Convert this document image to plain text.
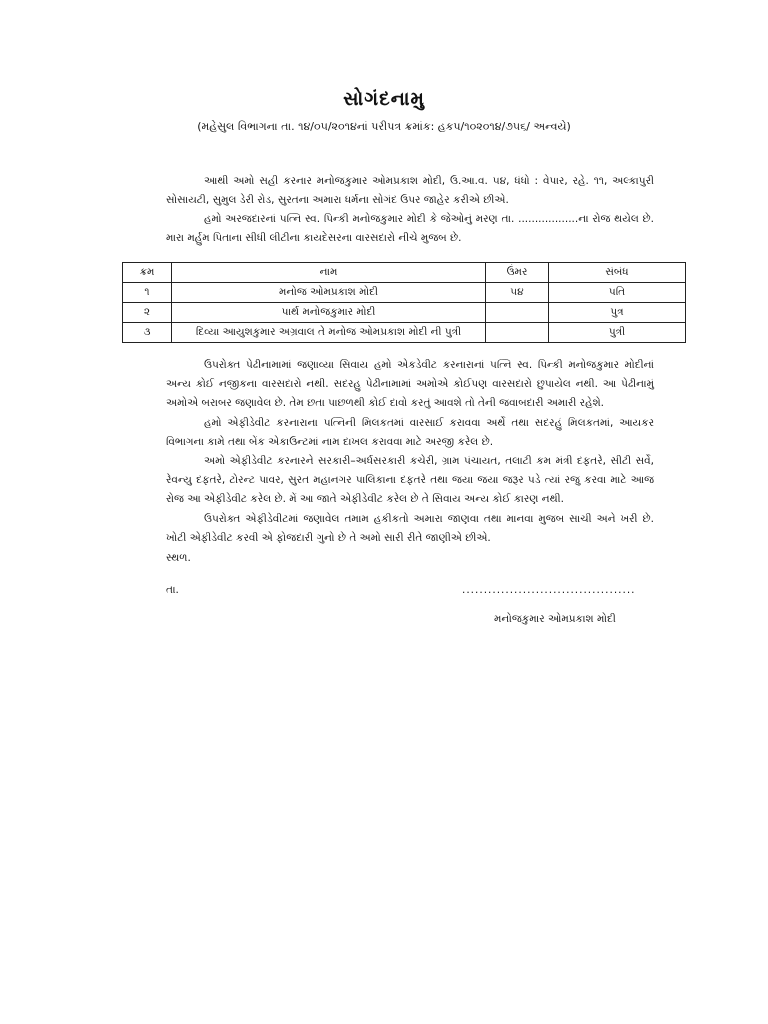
સોગંદનામુ
(મહેસુલ વિભાગના તા. ૧૪/૦૫/૨૦૧૪નાં પરીપત્ર ક્રમાંક: હકપ/૧૦૨૦૧૪/૭૫૬/ અન્વયે)
આથી અમો સહી કરનાર મનોજકુમાર ઓમપ્રકાશ મોદી, ઉ.આ.વ. ૫૪, ધંધો : વેપાર, રહે. ૧૧, અલ્કાપુરી સોસાયટી, સુમુલ ડેરી રોડ, સુરતના અમારા ધર્મના સોગંદ ઉપર જાહેર કરીએ છીએ.
હમો અરજદારનાં પત્નિ સ્વ. પિન્કી મનોજકુમાર મોદી કે જેઓનું મરણ તા. ..................ના રોજ થયેલ છે. મારા મર્હુમ પિતાના સીધી લીટીના કાયદેસરના વારસદારો નીચે મુજબ છે.
ક્રમ	નામ	ઉંમર	સંબંધ
૧	મનોજ ઓમપ્રકાશ મોદી	૫૪	પતિ
૨	પાર્થ મનોજકુમાર મોદી		પુત્ર
૩	દિવ્યા આયુશકુમાર અગ્રવાલ તે મનોજ ઓમપ્રકાશ મોદી ની પુત્રી		પુત્રી
ઉપરોક્ત પેઢીનામામાં જણાવ્યા સિવાય હમો એકડેવીટ કરનારાનાં પત્નિ સ્વ. પિન્કી મનોજકુમાર મોદીનાં અન્ય કોઈ નજીકના વારસદારો નથી. સદરહુ પેઢીનામામાં અમોએ કોઈપણ વારસદારો છુપાયેલ નથી. આ પેઢીનામું અમોએ બરાબર જણાવેલ છે. તેમ છતા પાછળથી કોઈ દાવો કરતું આવશે તો તેની જવાબદારી અમારી રહેશે.
હમો એફીડેવીટ કરનારાના પત્નિની મિલકતમાં વારસાઈ કરાવવા અર્થે તથા સદરહું મિલકતમાં, આયકર વિભાગના કામે તથા બેંક એકાઉન્ટમાં નામ દાખલ કરાવવા માટે અરજી કરેલ છે.
અમો એફીડેવીટ કરનારને સરકારી–અર્ધસરકારી કચેરી, ગ્રામ પંચાયત, તલાટી કમ મંત્રી દફતરે, સીટી સર્વે, રેવન્યુ દફતરે, ટોરન્ટ પાવર, સુરત મહાનગર પાલિકાના દફતરે તથા જયા જયા જરૂર પડે ત્યાં રજુ કરવા માટે આજ રોજ આ એફીડેવીટ કરેલ છે. મેં આ જાતે એફીડેવીટ કરેલ છે તે સિવાય અન્ય કોઈ કારણ નથી.
ઉપરોક્ત એફીડેવીટમાં જણાવેલ તમામ હકીકતો અમારા જાણવા તથા માનવા મુજબ સાચી અને ખરી છે. ખોટી એફીડેવીટ કરવી એ ફોજદારી ગુનો છે તે અમો સારી રીતે જાણીએ છીએ.
સ્થળ.
તા.	........................................
મનોજકુમાર ઓમપ્રકાશ મોદી
